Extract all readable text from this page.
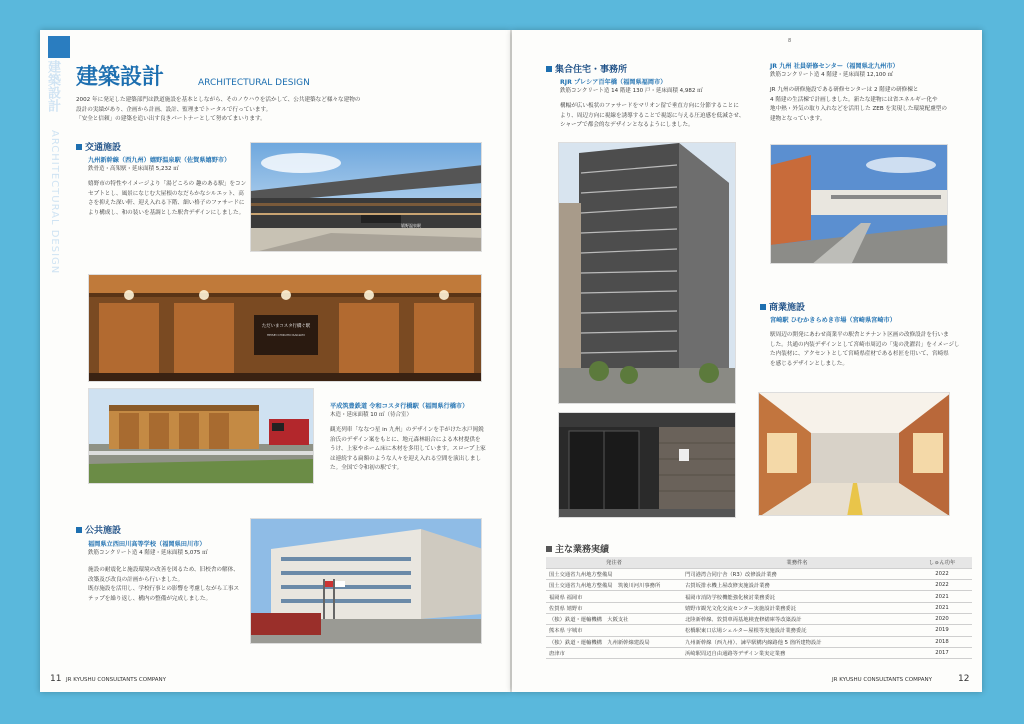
建築設計
ARCHITECTURAL DESIGN
建築設計	ARCHITECTURAL DESIGN
2002 年に発足した建築部門は鉄道施設を基本としながら、そのノウハウを活かして、公共建築など様々な建物の
設計の実績があり、企画から計画、設計、監理までトータルで行っています。
「安全と信頼」の建築を追い出す良きパートナーとして努めてまいります。
交通施設
九州新幹線（西九州）嬉野温泉駅（佐賀県嬉野市）
鉄骨造・高架駅・延床面積 5,232 ㎡
嬉野市の特性やイメージより「湯どころの 趣のある駅」をコン
セプトとし、風景になじむ大屋根のなだらかなシルエット、高
さを抑えた深い軒、迎え入れる下階、細い格子のファサードに
より構成し、和の装いを基調とした駅舎デザインにしました。
嬉野温泉駅
ただいまコスタ行橋ぐ駅
HEISEI CHIKUHO RAILWAY
平成筑豊鉄道 令和コスタ行橋駅（福岡県行橋市）
木造・延床面積 10 ㎡（待合室）
観光列車「ななつ星 in 九州」のデザインを手がけた水戸岡鋭
治氏のデザイン案をもとに、地元森林組合による木材提供を
うけ、上家やホーム床に木材を多用しています。スロープ上家
は連続する扁額のような人々を迎え入れる空間を演出しまし
た。全国で令和初の駅です。
公共施設
福岡県立西田川高等学校（福岡県田川市）
鉄筋コンクリート造 4 階建・延床面積 5,075 ㎡
施設の耐震化と施設環境の改善を図るため、旧校舎の解体、
改築及び改良の計画から行いました。
既存施設を活用し、学校行事との影響を考慮しながら工事ス
テップを繰り返し、構内の整備が完成しました。
11 JR KYUSHU CONSULTANTS COMPANY
8
集合住宅・事務所
RJR プレシア百年橋（福岡県福岡市）
鉄筋コンクリート造 14 階建 130 戸・延床面積 4,982 ㎡
構幅が広い板状のファサードをマリオン留で垂直方向に分節することに
より、周辺方向に視線を誘導することで視認に与える圧迫感を低減させ、
シャープで都会的なデザインとなるようにしました。
JR 九州 社員研修センター（福岡県北九州市）
鉄筋コンクリート造 4 階建・延床面積 12,100 ㎡
JR 九州の研修施設である研修センターは 2 階建の研修棟と
4 階建の生活棟で計画しました。新たな建物には省エネルギー化や
地中熱・外気の取り入れなどを活用した ZEB を実現した環境配慮型の
建物となっています。
商業施設
宮崎駅 ひむかきらめき市場（宮崎県宮崎市）
駅周辺の開発にあわせ商業平の駅舎とテナント区画の改修設計を行いま
した。共通の内装デザインとして宮崎市周辺の「鬼の洗濯岩」をイメージし
た内装材に、アクセントとして宮崎県産材である杉匠を用いて、宮崎県
を感じるデザインとしました。
主な業務実績
発注者	業務件名	しゅん功年
国土交通省九州地方整備局	門司港湾合同庁舎（R3）改修設計業務	2022
国土交通省九州地方整備局　筑後川河川事務所	古賀坂排水機上屋改修実施設計業務	2022
福岡県 福岡市	福岡市消防学校機能強化検討業務委託	2021
佐賀県 嬉野市	嬉野市観光文化交流センター実施設計業務委託	2021
（独）鉄道・運輸機構　大阪支社	北陸新幹線、敦賀車両基地検査修繕庫等改築設計	2020
熊本県 宇城市	松橋駅東口広場シェルター屋根等実施設計業務委託	2019
（独）鉄道・運輸機構　九州新幹線建設局	九州新幹線（西九州）、諫早駅構内線路他 5 箇所建物設計	2018
唐津市	浜崎駅周辺自由通路等デザイン業実定業務	2017
JR KYUSHU CONSULTANTS COMPANY	12
